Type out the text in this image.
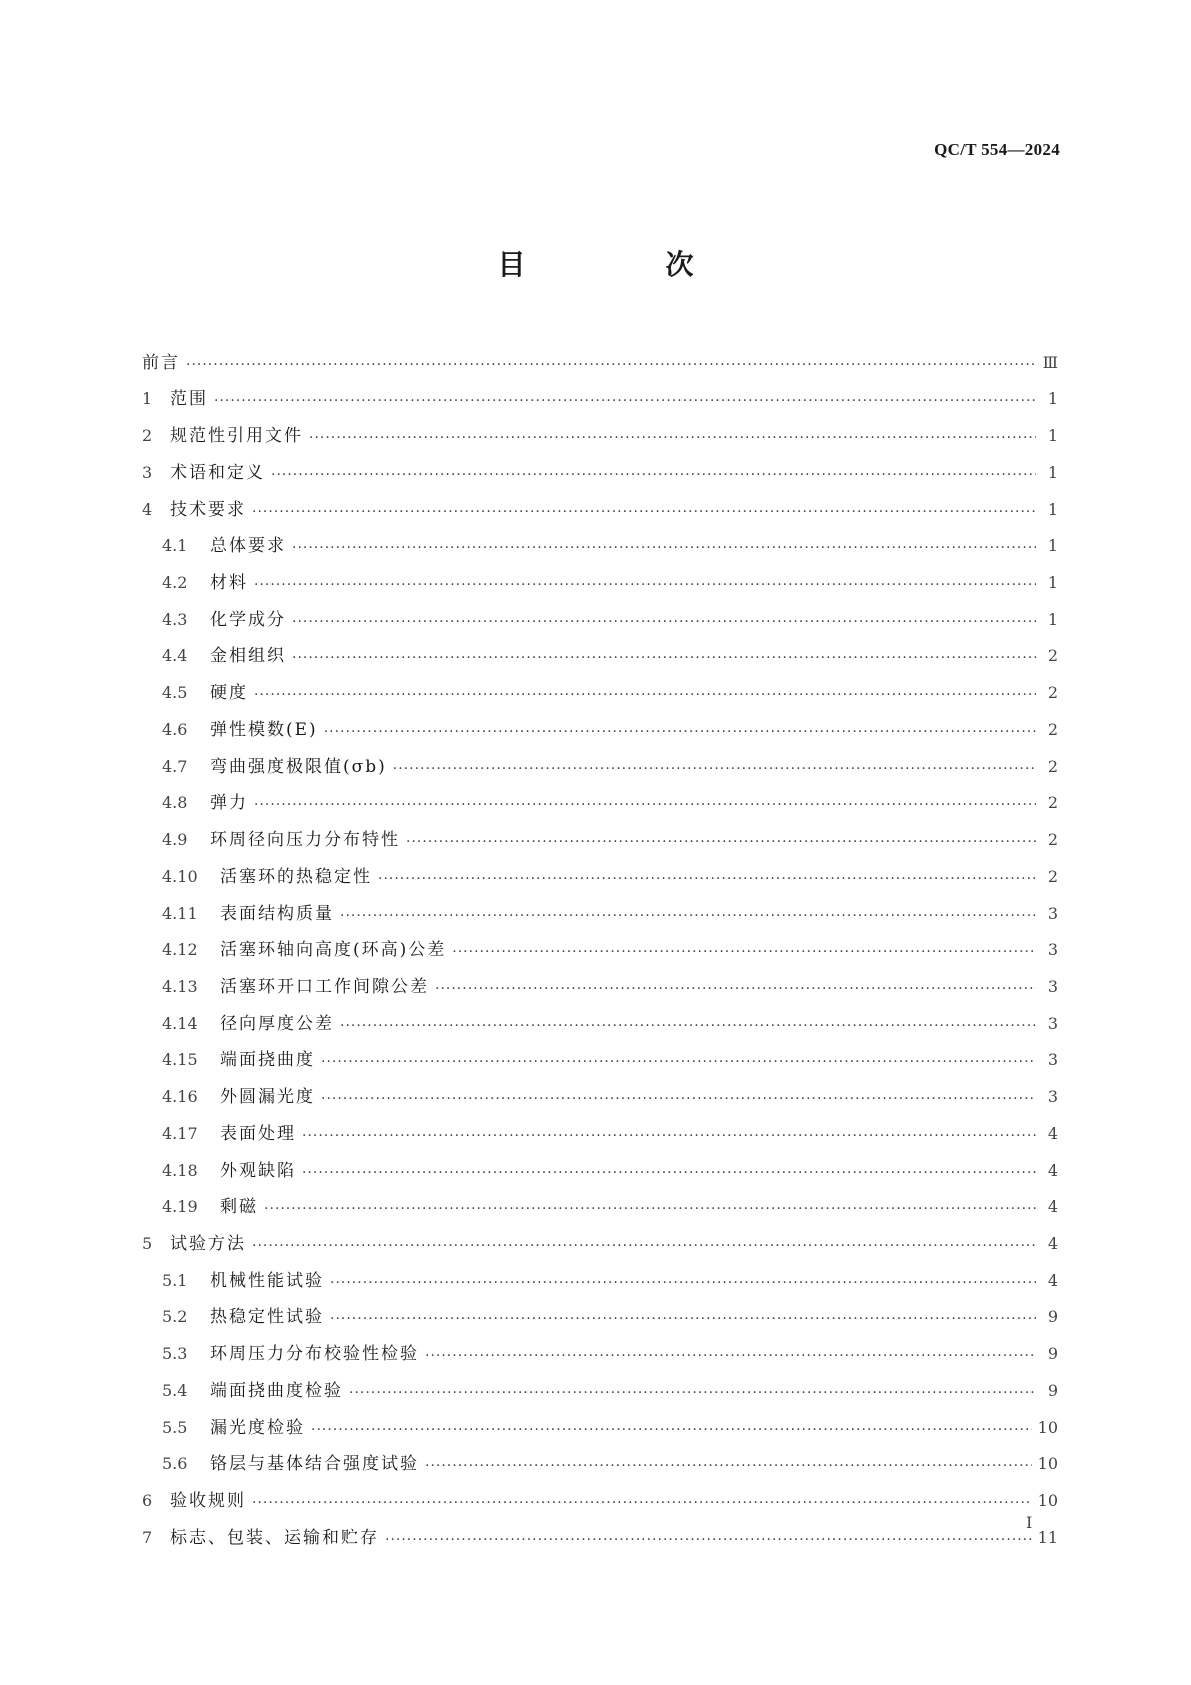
QC/T 554—2024
目　次
前言 ·····	Ⅲ
1	范围 ·····	1
2	规范性引用文件 ·····	1
3	术语和定义 ·····	1
4	技术要求 ·····	1
4.1	总体要求 ·····	1
4.2	材料 ·····	1
4.3	化学成分 ·····	1
4.4	金相组织 ·····	2
4.5	硬度 ·····	2
4.6	弹性模数(E) ·····	2
4.7	弯曲强度极限值(σb) ·····	2
4.8	弹力 ·····	2
4.9	环周径向压力分布特性 ·····	2
4.10	活塞环的热稳定性 ·····	2
4.11	表面结构质量 ·····	3
4.12	活塞环轴向高度(环高)公差 ·····	3
4.13	活塞环开口工作间隙公差 ·····	3
4.14	径向厚度公差 ·····	3
4.15	端面挠曲度 ·····	3
4.16	外圆漏光度 ·····	3
4.17	表面处理 ·····	4
4.18	外观缺陷 ·····	4
4.19	剩磁 ·····	4
5	试验方法 ·····	4
5.1	机械性能试验 ·····	4
5.2	热稳定性试验 ·····	9
5.3	环周压力分布校验性检验 ·····	9
5.4	端面挠曲度检验 ·····	9
5.5	漏光度检验 ·····	10
5.6	铬层与基体结合强度试验 ·····	10
6	验收规则 ·····	10
7	标志、包装、运输和贮存 ·····	11
Ⅰ
